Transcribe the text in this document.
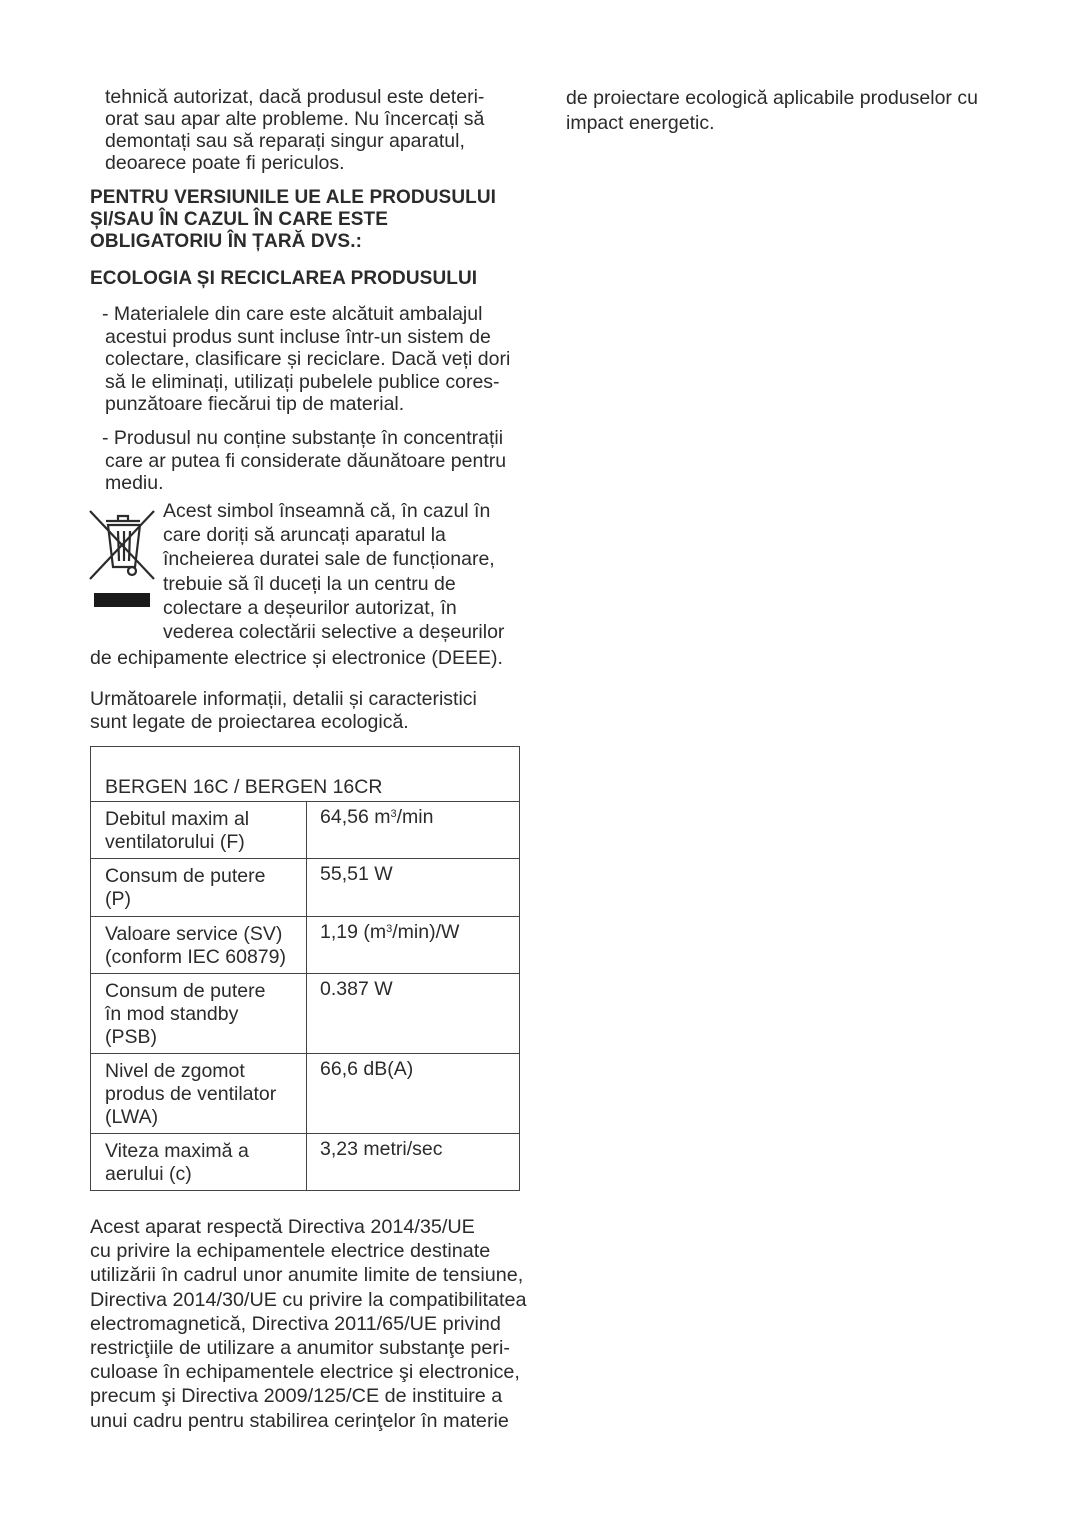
tehnică autorizat, dacă produsul este deteri-
orat sau apar alte probleme. Nu încercați să
demontați sau să reparați singur aparatul,
deoarece poate fi periculos.
PENTRU VERSIUNILE UE ALE PRODUSULUI
ȘI/SAU ÎN CAZUL ÎN CARE ESTE
OBLIGATORIU ÎN ȚARĂ DVS.:
ECOLOGIA ȘI RECICLAREA PRODUSULUI
- Materialele din care este alcătuit ambalajul
acestui produs sunt incluse într-un sistem de
colectare, clasificare și reciclare. Dacă veți dori
să le eliminați, utilizați pubelele publice cores-
punzătoare fiecărui tip de material.
- Produsul nu conține substanțe în concentrații
care ar putea fi considerate dăunătoare pentru
mediu.
Acest simbol înseamnă că, în cazul în
care doriți să aruncați aparatul la
încheierea duratei sale de funcționare,
trebuie să îl duceți la un centru de
colectare a deșeurilor autorizat, în
vederea colectării selective a deșeurilor
de echipamente electrice și electronice (DEEE).
Următoarele informații, detalii și caracteristici
sunt legate de proiectarea ecologică.
BERGEN 16C / BERGEN 16CR	

Debitul maxim al
ventilatorului (F)	64,56 $m^3/\min$

Consum de putere
(P)	55,51 W

Valoare service (SV)
(conform IEC 60879)	1,19 $(m^3/\min)/W$

Consum de putere
în mod standby
(PSB)	0.387 W

Nivel de zgomot
produs de ventilator
(LWA)	66,6 dB(A)

Viteza maximă a
aerului (c)	3,23 metri/sec
Acest aparat respectă Directiva 2014/35/UE
cu privire la echipamentele electrice destinate
utilizării în cadrul unor anumite limite de tensiune,
Directiva 2014/30/UE cu privire la compatibilitatea
electromagnetică, Directiva 2011/65/UE privind
restricţiile de utilizare a anumitor substanţe peri-
culoase în echipamentele electrice şi electronice,
precum şi Directiva 2009/125/CE de instituire a
unui cadru pentru stabilirea cerinţelor în materie
de proiectare ecologică aplicabile produselor cu
impact energetic.
